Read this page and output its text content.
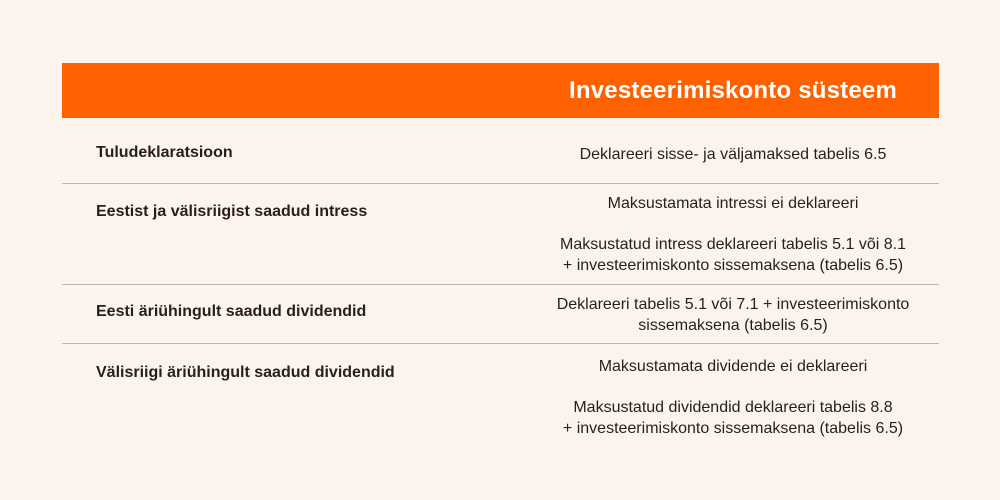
Investeerimiskonto süsteem
Tuludeklaratsioon	Deklareeri sisse- ja väljamaksed tabelis 6.5
Eestist ja välisriigist saadud intress	Maksustamata intressi ei deklareeri
Maksustatud intress deklareeri tabelis 5.1 või 8.1
+ investeerimiskonto sissemaksena (tabelis 6.5)
Eesti äriühingult saadud dividendid	Deklareeri tabelis 5.1 või 7.1 + investeerimiskonto
sissemaksena (tabelis 6.5)
Välisriigi äriühingult saadud dividendid	Maksustamata dividende ei deklareeri
Maksustatud dividendid deklareeri tabelis 8.8
+ investeerimiskonto sissemaksena (tabelis 6.5)
